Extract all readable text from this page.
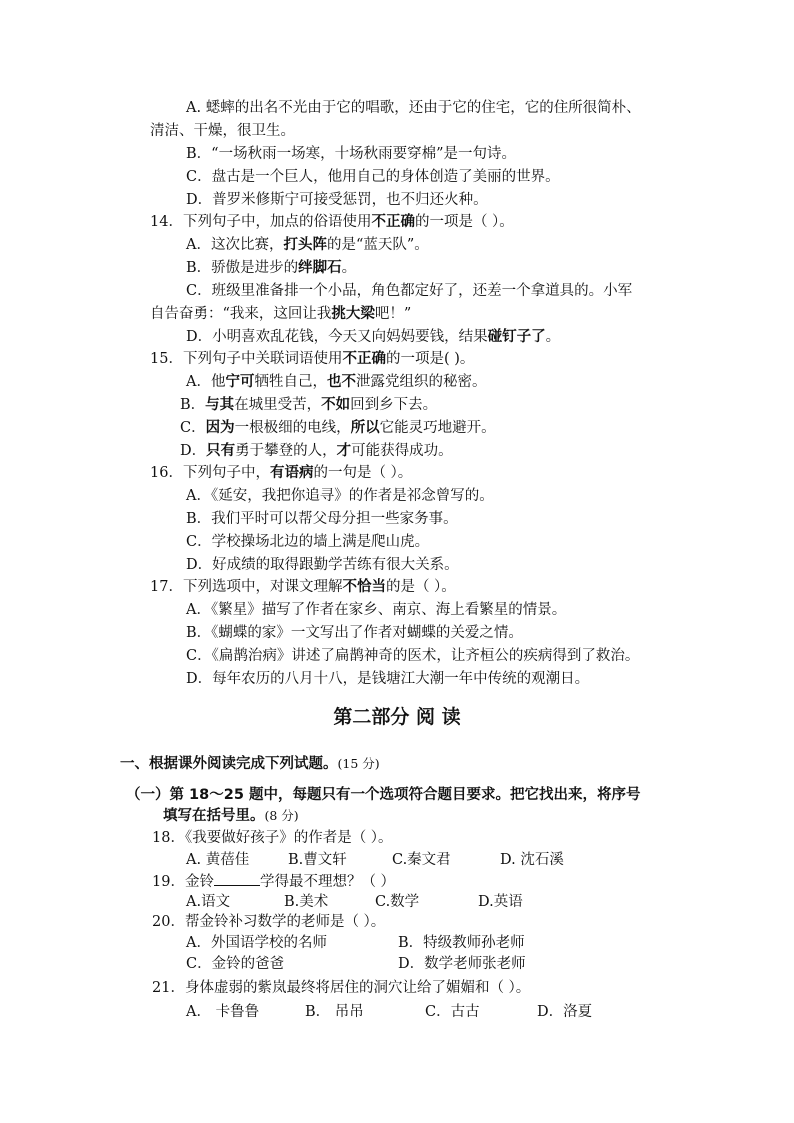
A. 蟋蟀的出名不光由于它的唱歌，还由于它的住宅，它的住所很简朴、
清洁、干燥，很卫生。
B．“一场秋雨一场寒，十场秋雨要穿棉”是一句诗。
C．盘古是一个巨人，他用自己的身体创造了美丽的世界。
D．普罗米修斯宁可接受惩罚，也不归还火种。
14．下列句子中，加点的俗语使用不正确的一项是（ ）。
A．这次比赛，打头阵的是“蓝天队”。
B．骄傲是进步的绊脚石。
C．班级里准备排一个小品，角色都定好了，还差一个拿道具的。小军
自告奋勇：“我来，这回让我挑大梁吧！”
D．小明喜欢乱花钱，今天又向妈妈要钱，结果碰钉子了。
15．下列句子中关联词语使用不正确的一项是( )。
A．他宁可牺牲自己，也不泄露党组织的秘密。
B．与其在城里受苦，不如回到乡下去。
C．因为一根极细的电线，所以它能灵巧地避开。
D．只有勇于攀登的人，才可能获得成功。
16．下列句子中，有语病的一句是（ ）。
A．《延安，我把你追寻》的作者是祁念曾写的。
B．我们平时可以帮父母分担一些家务事。
C．学校操场北边的墙上满是爬山虎。
D．好成绩的取得跟勤学苦练有很大关系。
17．下列选项中，对课文理解不恰当的是（ ）。
A．《繁星》描写了作者在家乡、南京、海上看繁星的情景。
B．《蝴蝶的家》一文写出了作者对蝴蝶的关爱之情。
C．《扁鹊治病》讲述了扁鹊神奇的医术，让齐桓公的疾病得到了救治。
D．每年农历的八月十八，是钱塘江大潮一年中传统的观潮日。
第二部分 阅 读
一、根据课外阅读完成下列试题。(15 分)
（一）第 18～25 题中，每题只有一个选项符合题目要求。把它找出来，将序号
填写在括号里。(8 分)
18．《我要做好孩子》的作者是（ ）。
A. 黄蓓佳	B.曹文轩	C.秦文君	D. 沈石溪
19．金铃	学得最不理想？（ ）
A.语文	B.美术	C.数学	D.英语
20．帮金铃补习数学的老师是（ ）。
A．外国语学校的名师	B．特级教师孙老师
C．金铃的爸爸	D．数学老师张老师
21．身体虚弱的紫岚最终将居住的洞穴让给了媚媚和（ ）。
A． 卡鲁鲁	B． 吊吊	C．古古	D．洛夏
